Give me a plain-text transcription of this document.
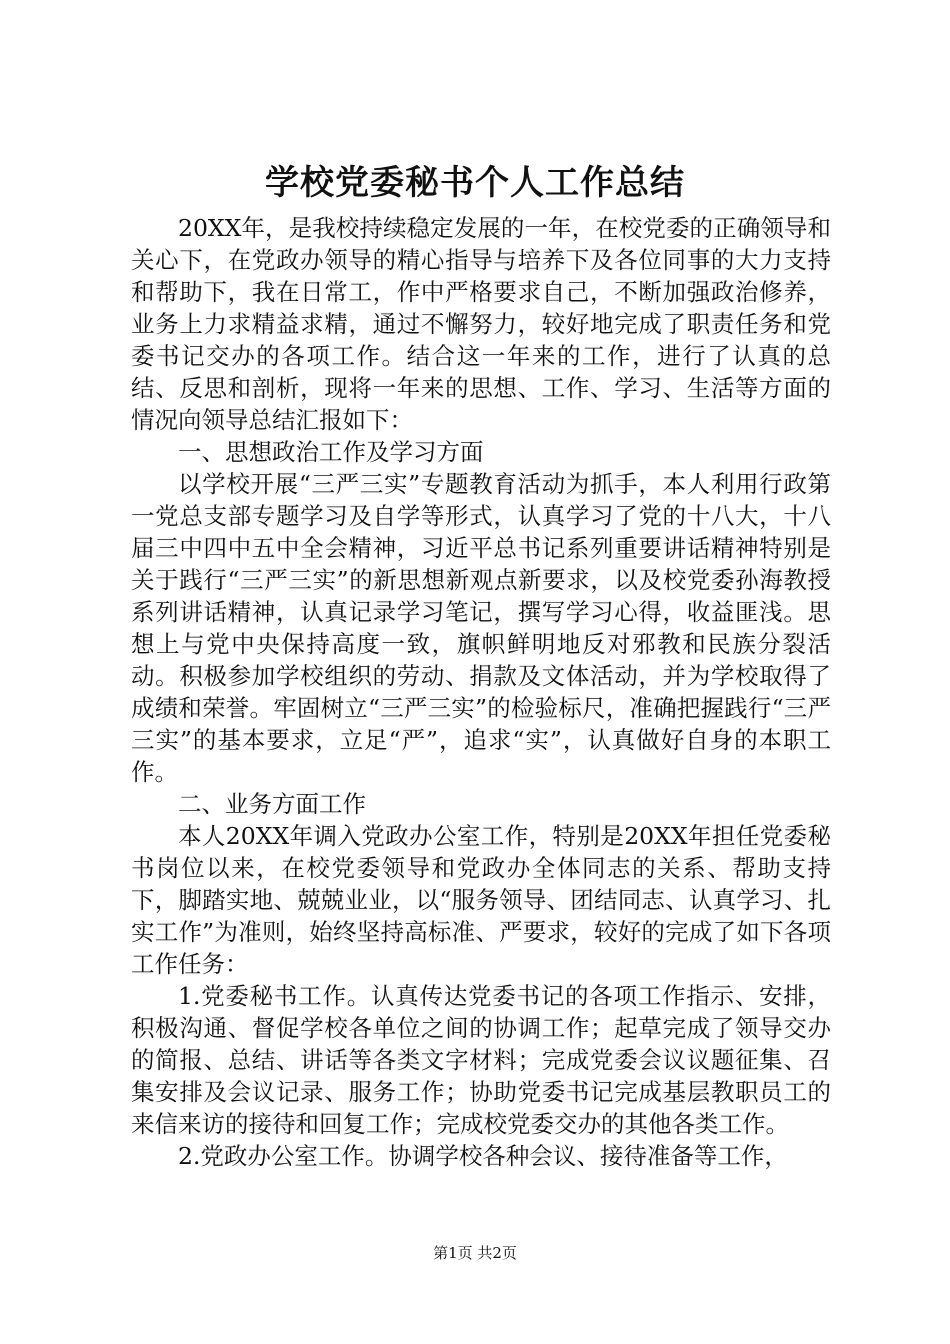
学校党委秘书个人工作总结

20XX年，是我校持续稳定发展的一年，在校党委的正确领导和关心下，在党政办领导的精心指导与培养下及各位同事的大力支持和帮助下，我在日常工，作中严格要求自己，不断加强政治修养，业务上力求精益求精，通过不懈努力，较好地完成了职责任务和党委书记交办的各项工作。结合这一年来的工作，进行了认真的总结、反思和剖析，现将一年来的思想、工作、学习、生活等方面的情况向领导总结汇报如下：

一、思想政治工作及学习方面

以学校开展“三严三实”专题教育活动为抓手，本人利用行政第一党总支部专题学习及自学等形式，认真学习了党的十八大，十八届三中四中五中全会精神，习近平总书记系列重要讲话精神特别是关于践行“三严三实”的新思想新观点新要求，以及校党委孙海教授系列讲话精神，认真记录学习笔记，撰写学习心得，收益匪浅。思想上与党中央保持高度一致，旗帜鲜明地反对邪教和民族分裂活动。积极参加学校组织的劳动、捐款及文体活动，并为学校取得了成绩和荣誉。牢固树立“三严三实”的检验标尺，准确把握践行“三严三实”的基本要求，立足“严”，追求“实”，认真做好自身的本职工作。

二、业务方面工作

本人20XX年调入党政办公室工作，特别是20XX年担任党委秘书岗位以来，在校党委领导和党政办全体同志的关系、帮助支持下，脚踏实地、兢兢业业，以“服务领导、团结同志、认真学习、扎实工作”为准则，始终坚持高标准、严要求，较好的完成了如下各项工作任务：

1.党委秘书工作。认真传达党委书记的各项工作指示、安排，积极沟通、督促学校各单位之间的协调工作；起草完成了领导交办的简报、总结、讲话等各类文字材料；完成党委会议议题征集、召集安排及会议记录、服务工作；协助党委书记完成基层教职员工的来信来访的接待和回复工作；完成校党委交办的其他各类工作。

2.党政办公室工作。协调学校各种会议、接待准备等工作，

第1页 共2页
